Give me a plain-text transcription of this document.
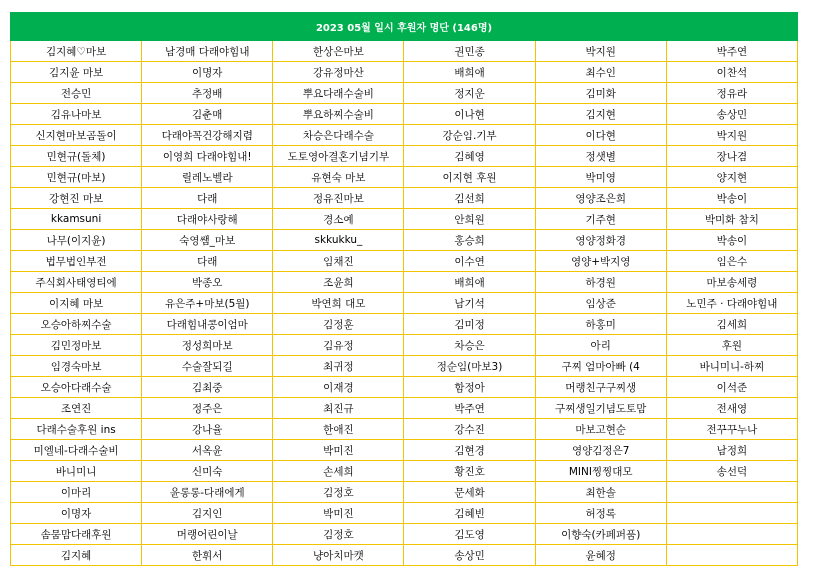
2023 05월 일시 후원자 명단 (146명)					
김지혜♡마보	남경매 다래야힘내	한상은마보	권민종	박지원	박주연
김지윤 마보	이명자	강유정마산	배희애	최수인	이찬석
전승민	추정배	뿌요다래수술비	정지운	김미화	정유라
김유나마보	김춘매	뿌요하찌수술비	이나현	김지현	송상민
신지현마보곰돌이	다래야꼭건강해지렴	차승은다래수술	강순임.기부	이다현	박지원
민현규(돌체)	이영희 다래야힘내!	도토영아결혼기념기부	김혜영	정샛별	장나겸
민현규(마보)	릴레노벨라	유현숙 마보	이지현 후원	박미영	양지현
강현진 마보	다래	정유진마보	김선희	영양조은희	박송이
kkamsuni	다래야사랑해	경소예	안희원	기주현	박미화 참치
나무(이지윤)	숙영쌤_마보	skkukku_	홍승희	영양정화경	박송이
법무법인부전	다래	임채진	이수연	영양+박지영	임은수
주식회사태영티에	박종오	조윤희	배희애	하경원	마보송세령
이지혜 마보	유은주+마보(5월)	박연희 대모	남기석	임상준	노민주 · 다래야힘내
오승아하찌수술	다래힘내콩이엄마	김정훈	김미정	하홍미	김세희
김민정마보	정성희마보	김유정	차승은	아리	후원
임경숙마보	수술잘되길	최귀정	정순임(마보3)	구찌 엄마아빠 (4	바니미니-하찌
오승아다래수술	김최중	이재경	함정아	머랭친구구찌생	이석준
조연진	정주은	최진규	박주연	구찌생일기념도토맘	전새영
다래수술후원 ins	강나율	한애진	강수진	마보고현순	전꾸꾸누나
미엘네-다래수술비	서옥윤	박미진	김현경	영양김정은7	남정희
바니미니	신미숙	손세희	황진호	MINI찡찡대모	송선덕
이마리	윤롱롱-다래에게	김정호	문세화	최한솔	
이명자	김지인	박미진	김혜빈	허정록	
솜뭄맘다래후원	머랭어린이날	김정호	김도영	이향숙(카페퍼품)	
김지혜	한휘서	냥아치마캣	송상민	윤혜정	
